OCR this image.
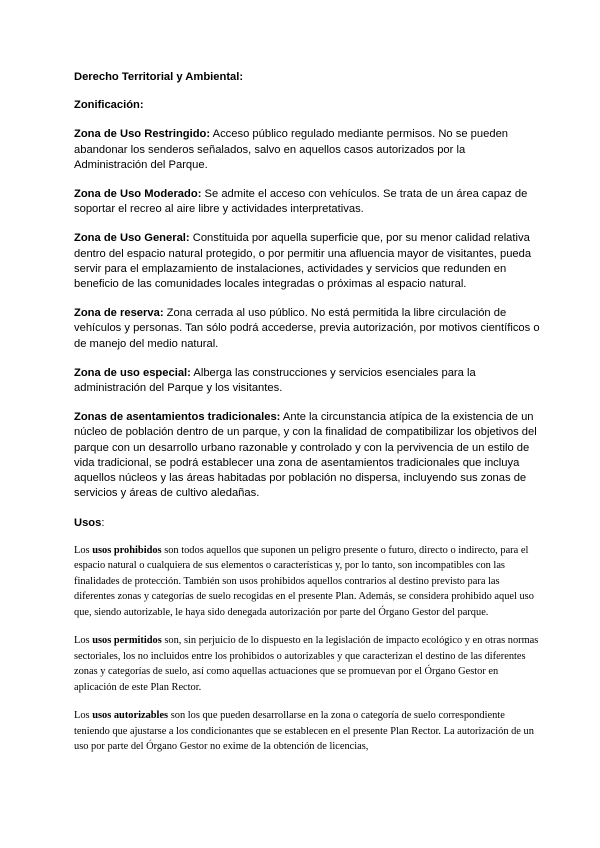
Derecho Territorial y Ambiental:

Zonificación:

Zona de Uso Restringido: Acceso público regulado mediante permisos. No se pueden abandonar los senderos señalados, salvo en aquellos casos autorizados por la Administración del Parque.

Zona de Uso Moderado: Se admite el acceso con vehículos. Se trata de un área capaz de soportar el recreo al aire libre y actividades interpretativas.

Zona de Uso General: Constituida por aquella superficie que, por su menor calidad relativa dentro del espacio natural protegido, o por permitir una afluencia mayor de visitantes, pueda servir para el emplazamiento de instalaciones, actividades y servicios que redunden en beneficio de las comunidades locales integradas o próximas al espacio natural.

Zona de reserva: Zona cerrada al uso público. No está permitida la libre circulación de vehículos y personas. Tan sólo podrá accederse, previa autorización, por motivos científicos o de manejo del medio natural.

Zona de uso especial: Alberga las construcciones y servicios esenciales para la administración del Parque y los visitantes.

Zonas de asentamientos tradicionales: Ante la circunstancia atípica de la existencia de un núcleo de población dentro de un parque, y con la finalidad de compatibilizar los objetivos del parque con un desarrollo urbano razonable y controlado y con la pervivencia de un estilo de vida tradicional, se podrá establecer una zona de asentamientos tradicionales que incluya aquellos núcleos y las áreas habitadas por población no dispersa, incluyendo sus zonas de servicios y áreas de cultivo aledañas.

Usos:

Los usos prohibidos son todos aquellos que suponen un peligro presente o futuro, directo o indirecto, para el espacio natural o cualquiera de sus elementos o características y, por lo tanto, son incompatibles con las finalidades de protección. También son usos prohibidos aquellos contrarios al destino previsto para las diferentes zonas y categorías de suelo recogidas en el presente Plan. Además, se considera prohibido aquel uso que, siendo autorizable, le haya sido denegada autorización por parte del Órgano Gestor del parque.

Los usos permitidos son, sin perjuicio de lo dispuesto en la legislación de impacto ecológico y en otras normas sectoriales, los no incluidos entre los prohibidos o autorizables y que caracterizan el destino de las diferentes zonas y categorías de suelo, así como aquellas actuaciones que se promuevan por el Órgano Gestor en aplicación de este Plan Rector.

Los usos autorizables son los que pueden desarrollarse en la zona o categoría de suelo correspondiente teniendo que ajustarse a los condicionantes que se establecen en el presente Plan Rector. La autorización de un uso por parte del Órgano Gestor no exime de la obtención de licencias,
